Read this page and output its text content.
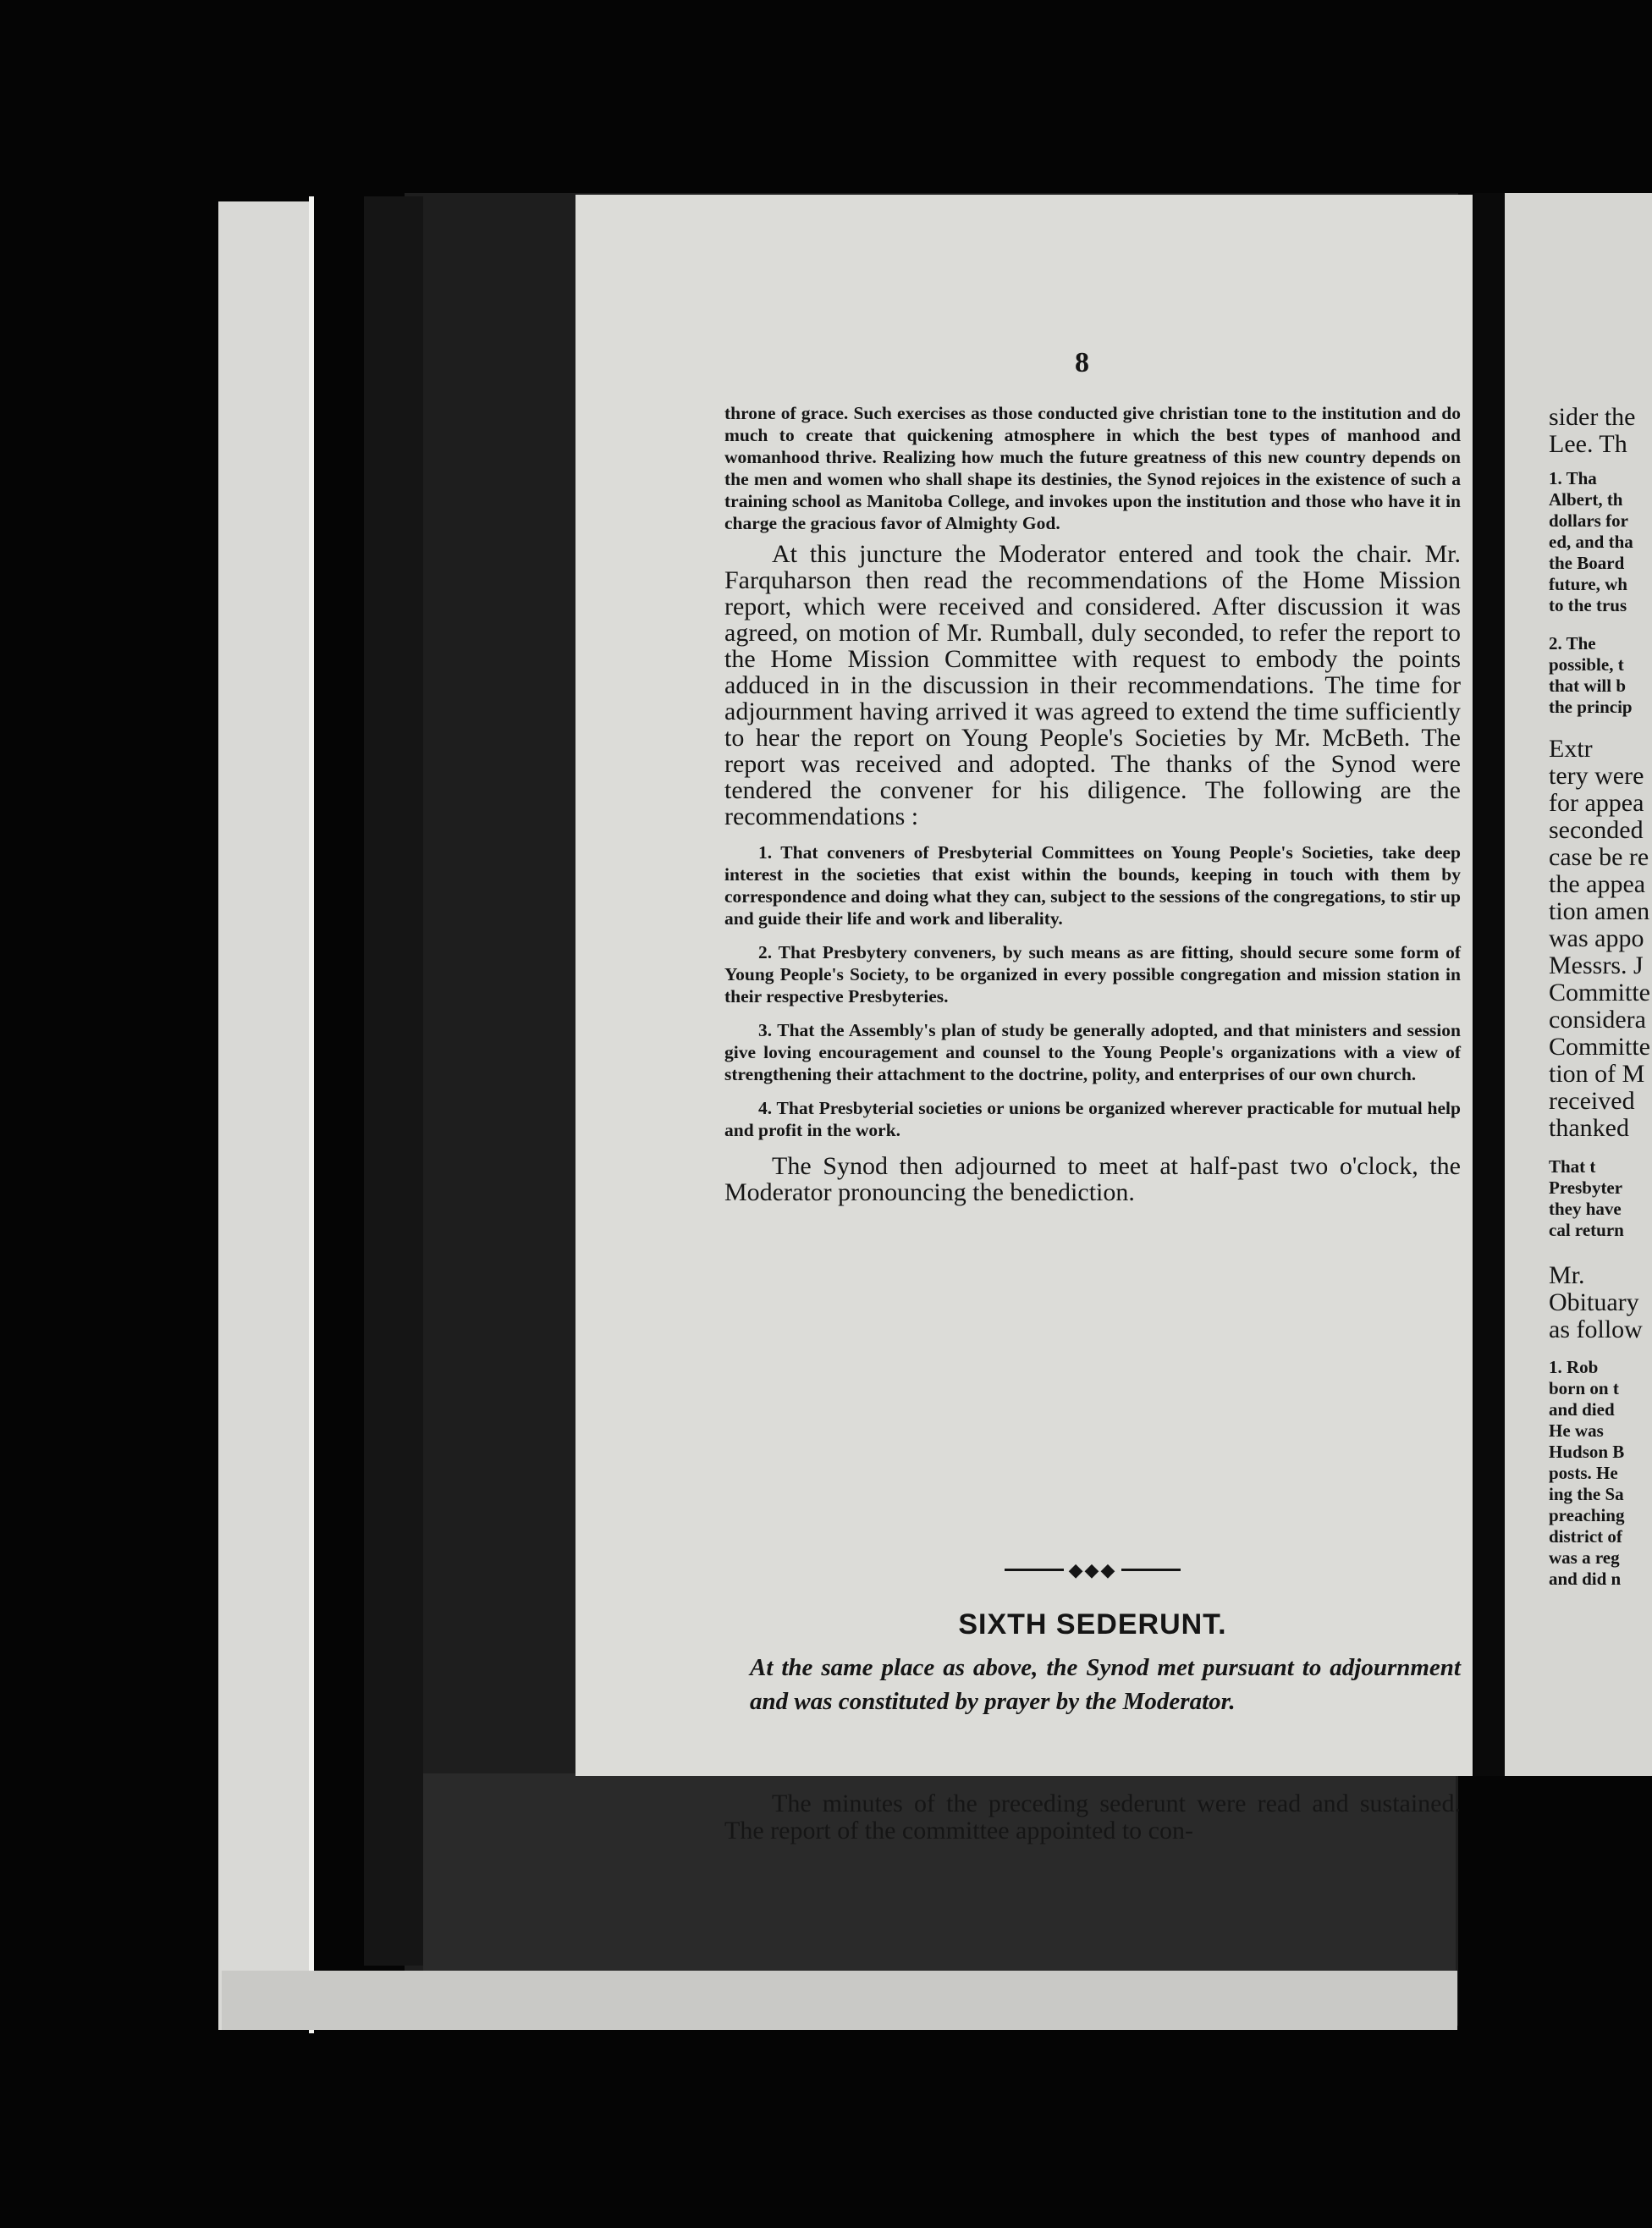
8

throne of grace. Such exercises as those conducted give christian tone to the institution and do much to create that quickening atmosphere in which the best types of manhood and womanhood thrive. Realizing how much the future greatness of this new country depends on the men and women who shall shape its destinies, the Synod rejoices in the existence of such a training school as Manitoba College, and invokes upon the institution and those who have it in charge the gracious favor of Almighty God.

At this juncture the Moderator entered and took the chair. Mr. Farquharson then read the recommendations of the Home Mission report, which were received and considered. After discussion it was agreed, on motion of Mr. Rumball, duly seconded, to refer the report to the Home Mission Committee with request to embody the points adduced in in the discussion in their recommendations. The time for adjournment having arrived it was agreed to extend the time sufficiently to hear the report on Young People's Societies by Mr. McBeth. The report was received and adopted. The thanks of the Synod were tendered the convener for his diligence. The following are the recommendations :

1. That conveners of Presbyterial Committees on Young People's Societies, take deep interest in the societies that exist within the bounds, keeping in touch with them by correspondence and doing what they can, subject to the sessions of the congregations, to stir up and guide their life and work and liberality.

2. That Presbytery conveners, by such means as are fitting, should secure some form of Young People's Society, to be organized in every possible congregation and mission station in their respective Presbyteries.

3. That the Assembly's plan of study be generally adopted, and that ministers and session give loving encouragement and counsel to the Young People's organizations with a view of strengthening their attachment to the doctrine, polity, and enterprises of our own church.

4. That Presbyterial societies or unions be organized wherever practicable for mutual help and profit in the work.

The Synod then adjourned to meet at half-past two o'clock, the Moderator pronouncing the benediction.

◆◆◆
SIXTH SEDERUNT.
At the same place as above, the Synod met pursuant to adjournment and was constituted by prayer by the Moderator.

The minutes of the preceding sederunt were read and sustained. The report of the committee appointed to con-

sider the
Lee. Th
1. Tha
Albert, th
dollars for
ed, and tha
the Board
future, wh
to the trus
2. The
possible, t
that will b
the princip
Extr
tery were
for appea
seconded
case be re
the appea
tion amen
was appo
Messrs. J
Committe
considera
Committe
tion of M
received
thanked
That t
Presbyter
they have
cal return
Mr.
Obituary
as follow
1. Rob
born on t
and died
He was
Hudson B
posts. He
ing the Sa
preaching
district of
was a reg
and did n
